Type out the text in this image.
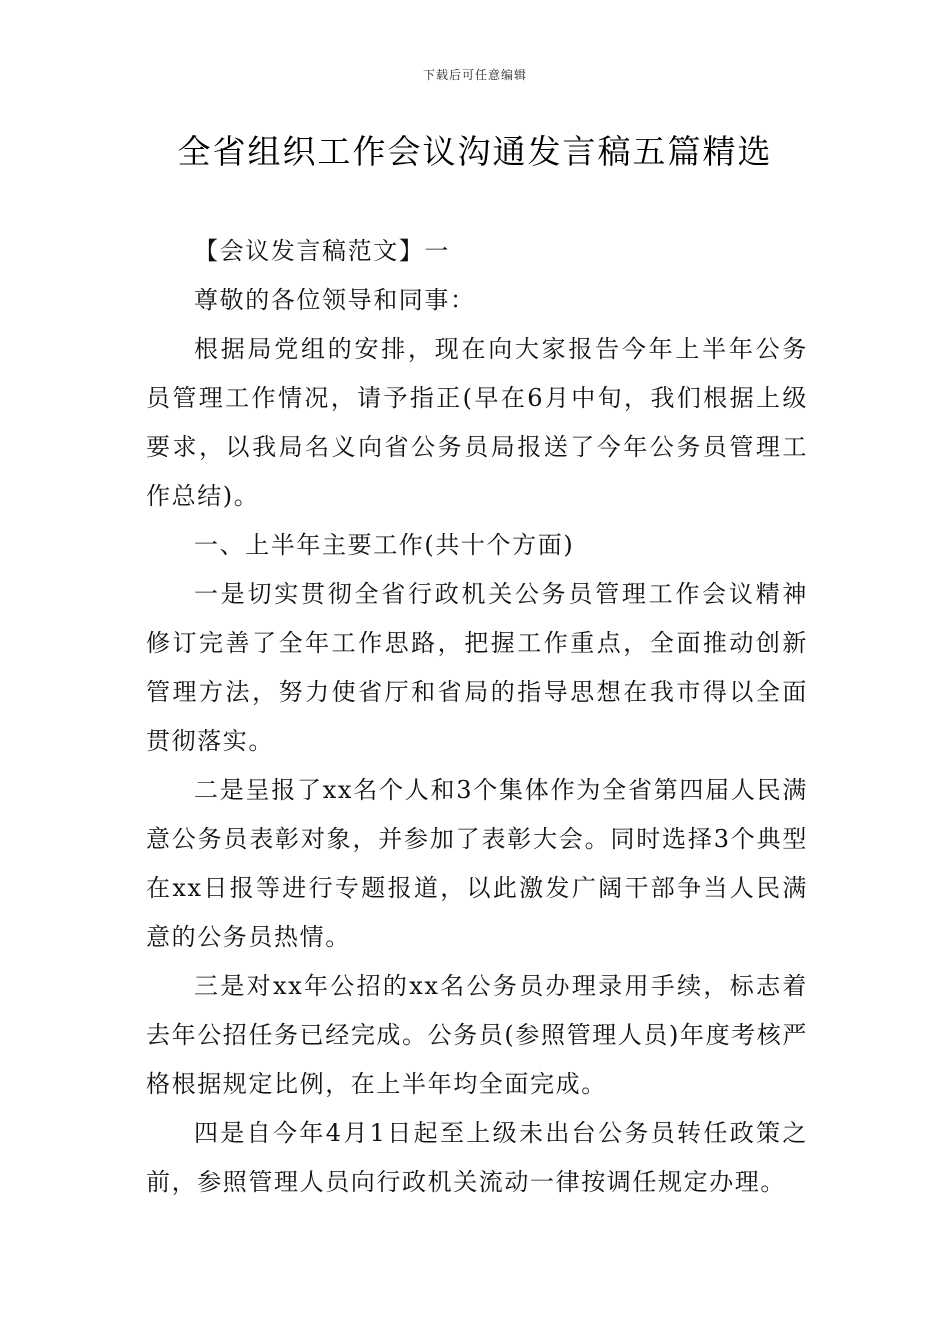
下载后可任意编辑
全省组织工作会议沟通发言稿五篇精选

【会议发言稿范文】一

尊敬的各位领导和同事：

根据局党组的安排，现在向大家报告今年上半年公务员管理工作情况，请予指正(早在6月中旬，我们根据上级要求，以我局名义向省公务员局报送了今年公务员管理工作总结)。

一、上半年主要工作(共十个方面)

一是切实贯彻全省行政机关公务员管理工作会议精神修订完善了全年工作思路，把握工作重点，全面推动创新管理方法，努力使省厅和省局的指导思想在我市得以全面贯彻落实。

二是呈报了xx名个人和3个集体作为全省第四届人民满意公务员表彰对象，并参加了表彰大会。同时选择3个典型在xx日报等进行专题报道，以此激发广阔干部争当人民满意的公务员热情。

三是对xx年公招的xx名公务员办理录用手续，标志着去年公招任务已经完成。公务员(参照管理人员)年度考核严格根据规定比例，在上半年均全面完成。

四是自今年4月1日起至上级未出台公务员转任政策之前，参照管理人员向行政机关流动一律按调任规定办理。
